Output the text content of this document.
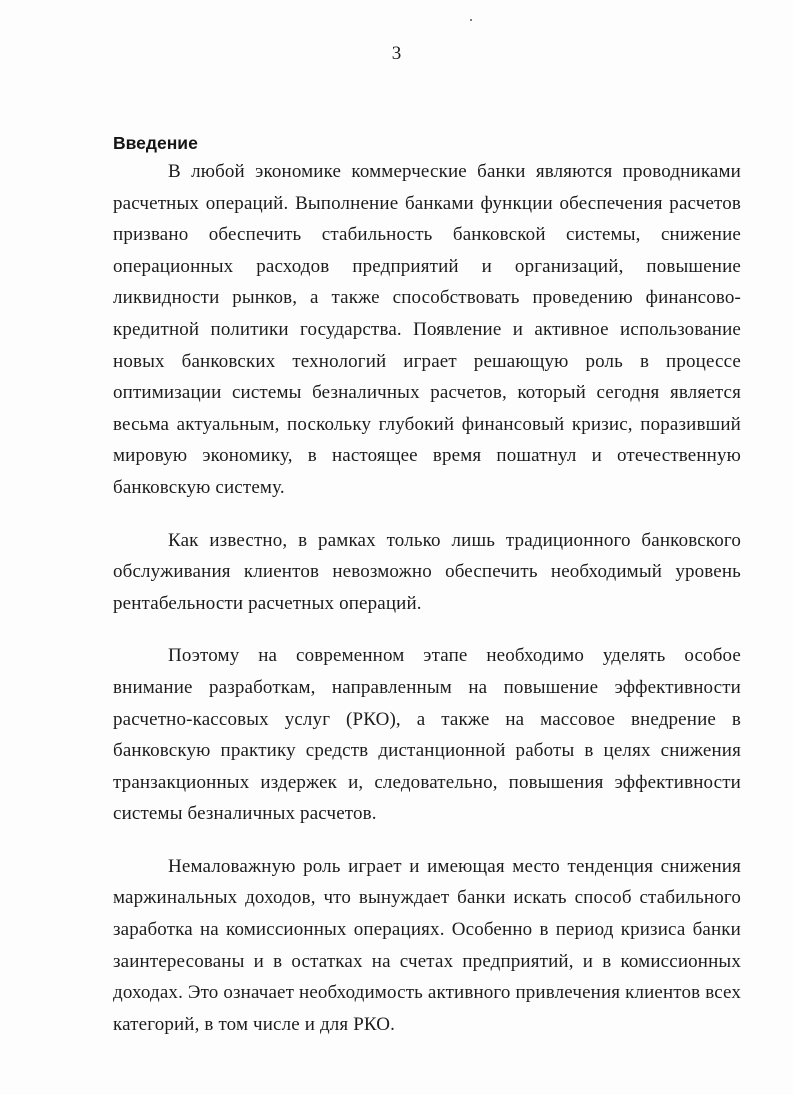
3
Введение

В любой экономике коммерческие банки являются проводниками расчетных операций. Выполнение банками функции обеспечения расчетов призвано обеспечить стабильность банковской системы, снижение операционных расходов предприятий и организаций, повышение ликвидности рынков, а также способствовать проведению финансово-кредитной политики государства. Появление и активное использование новых банковских технологий играет решающую роль в процессе оптимизации системы безналичных расчетов, который сегодня является весьма актуальным, поскольку глубокий финансовый кризис, поразивший мировую экономику, в настоящее время пошатнул и отечественную банковскую систему.

Как известно, в рамках только лишь традиционного банковского обслуживания клиентов невозможно обеспечить необходимый уровень рентабельности расчетных операций.

Поэтому на современном этапе необходимо уделять особое внимание разработкам, направленным на повышение эффективности расчетно-кассовых услуг (РКО), а также на массовое внедрение в банковскую практику средств дистанционной работы в целях снижения транзакционных издержек и, следовательно, повышения эффективности системы безналичных расчетов.

Немаловажную роль играет и имеющая место тенденция снижения маржинальных доходов, что вынуждает банки искать способ стабильного заработка на комиссионных операциях. Особенно в период кризиса банки заинтересованы и в остатках на счетах предприятий, и в комиссионных доходах. Это означает необходимость активного привлечения клиентов всех категорий, в том числе и для РКО.
